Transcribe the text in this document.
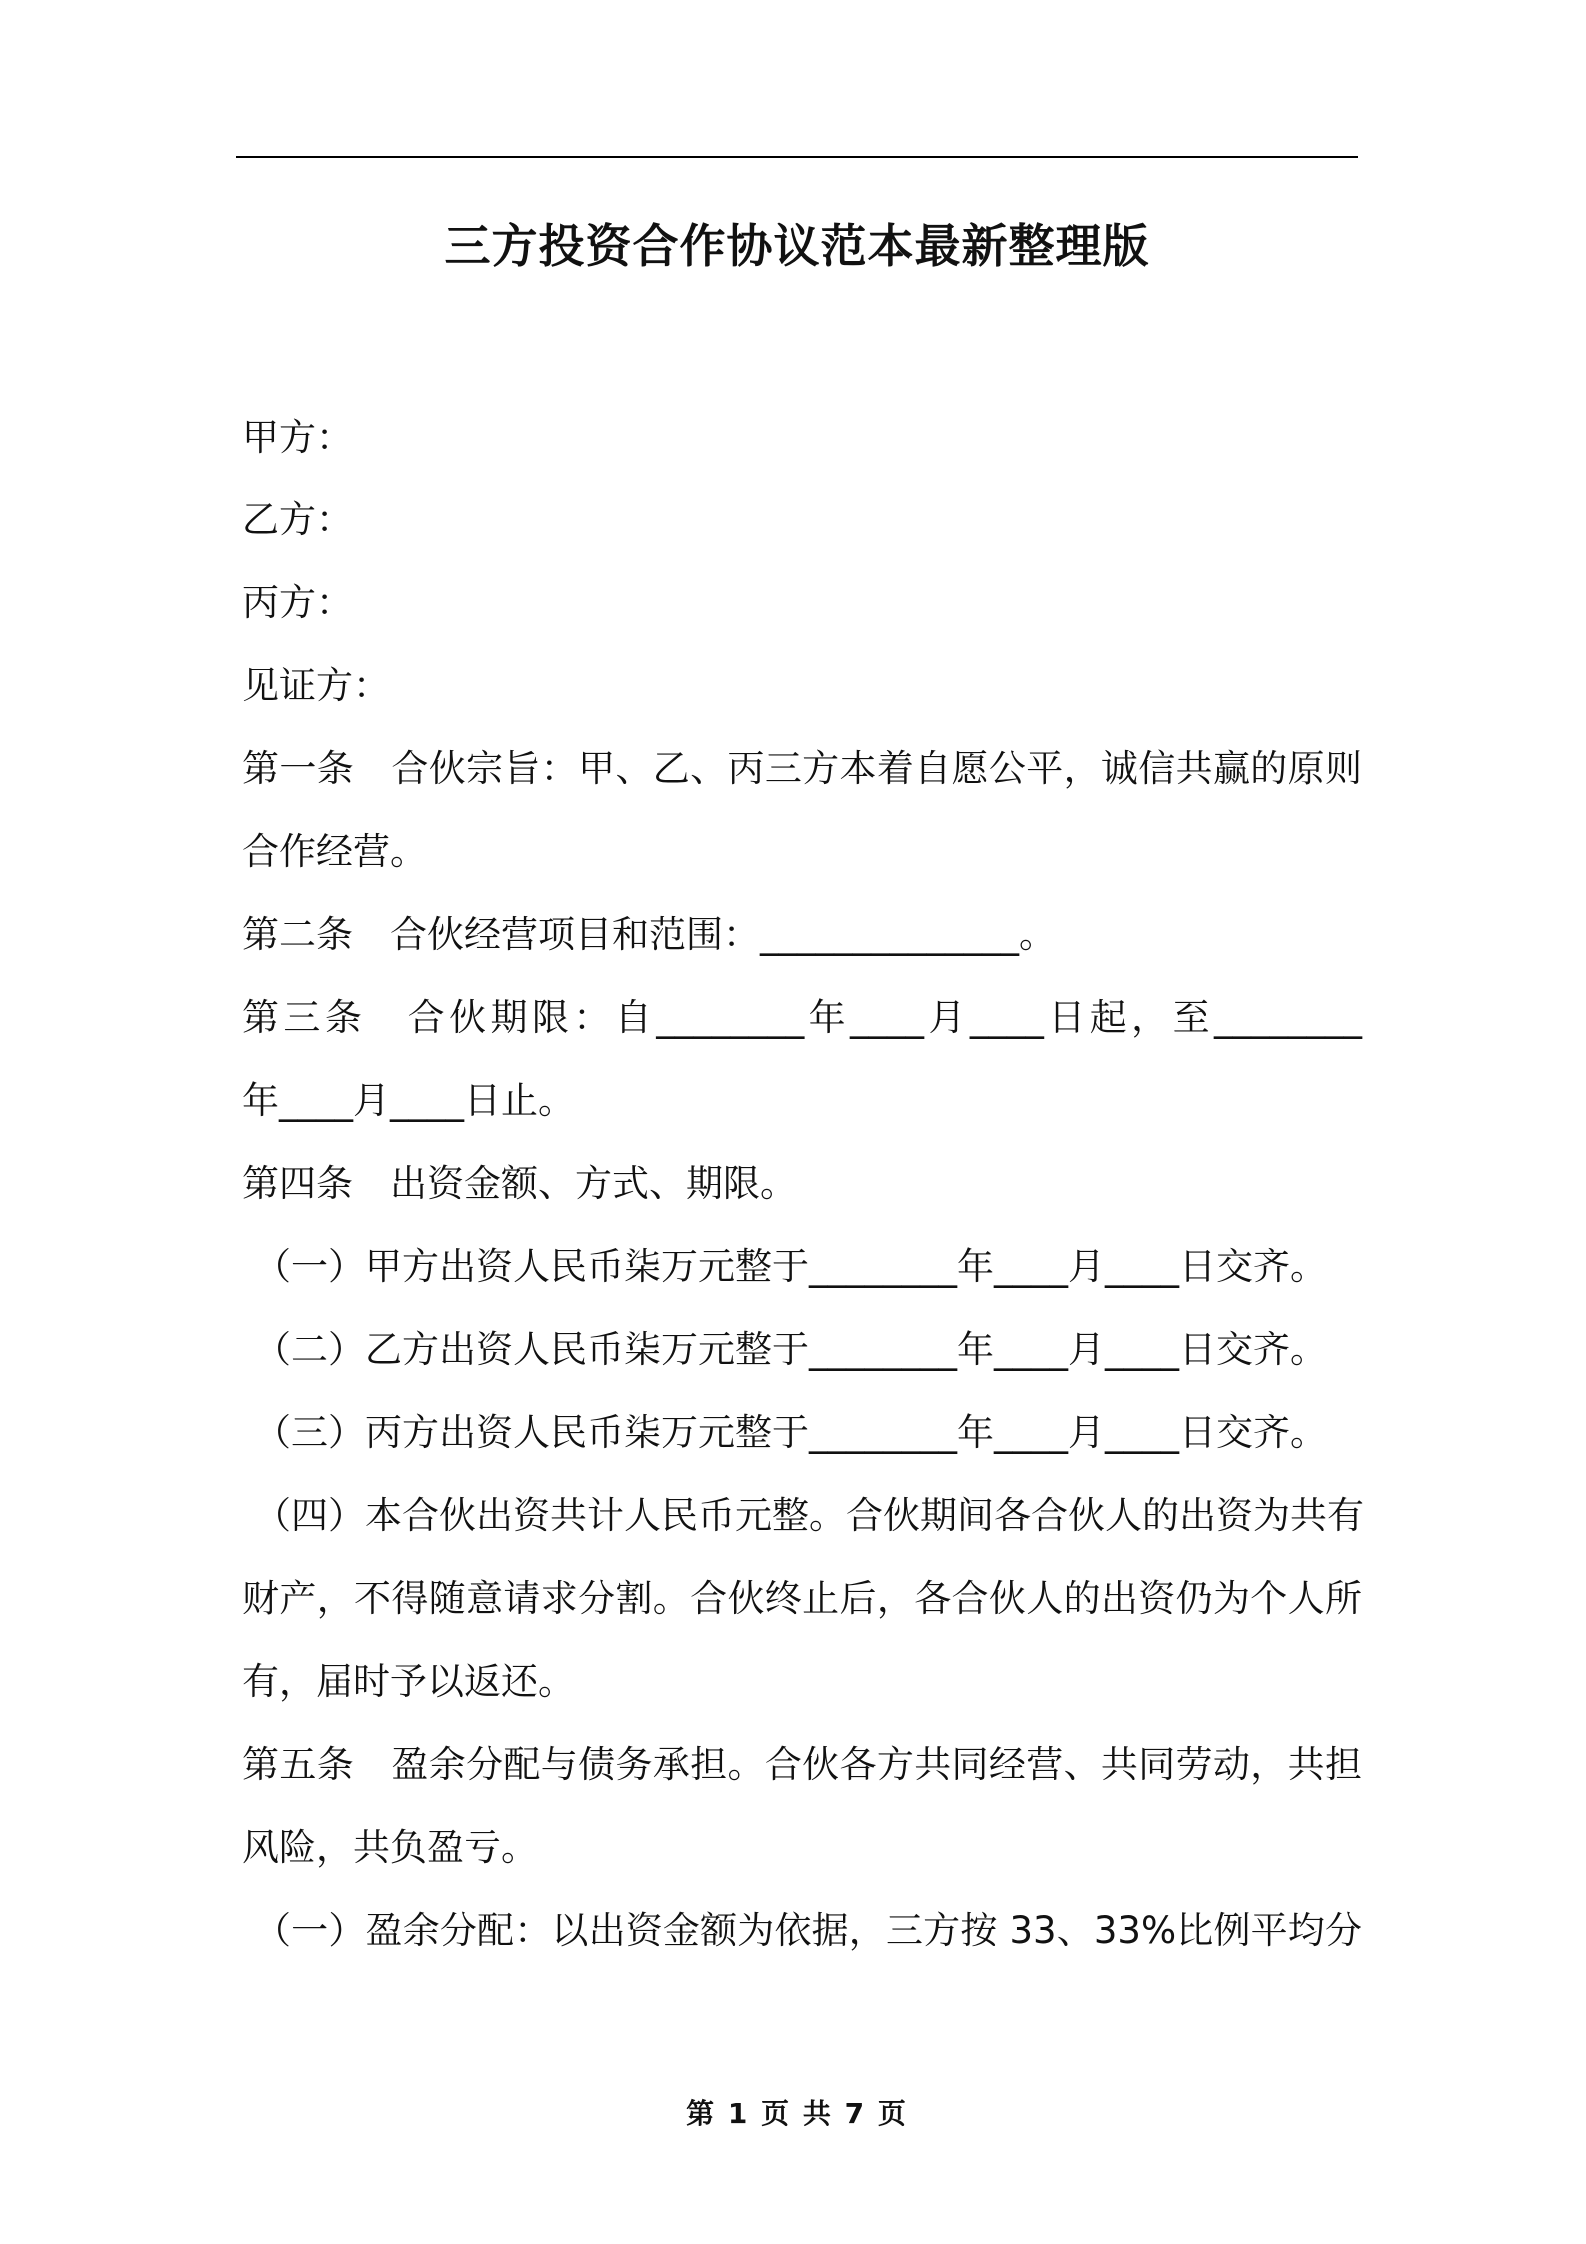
三方投资合作协议范本最新整理版
甲方：
乙方：
丙方：
见证方：
第一条　合伙宗旨：甲、乙、丙三方本着自愿公平，诚信共赢的原则
合作经营。
第二条　合伙经营项目和范围：______________。
第三条　合伙期限：自________年____月____日起，至________
年____月____日止。
第四条　出资金额、方式、期限。
（一）甲方出资人民币柒万元整于________年____月____日交齐。
（二）乙方出资人民币柒万元整于________年____月____日交齐。
（三）丙方出资人民币柒万元整于________年____月____日交齐。
（四）本合伙出资共计人民币元整。合伙期间各合伙人的出资为共有
财产，不得随意请求分割。合伙终止后，各合伙人的出资仍为个人所
有，届时予以返还。
第五条　盈余分配与债务承担。合伙各方共同经营、共同劳动，共担
风险，共负盈亏。
（一）盈余分配：以出资金额为依据，三方按 33、33%比例平均分
第 1 页 共 7 页
